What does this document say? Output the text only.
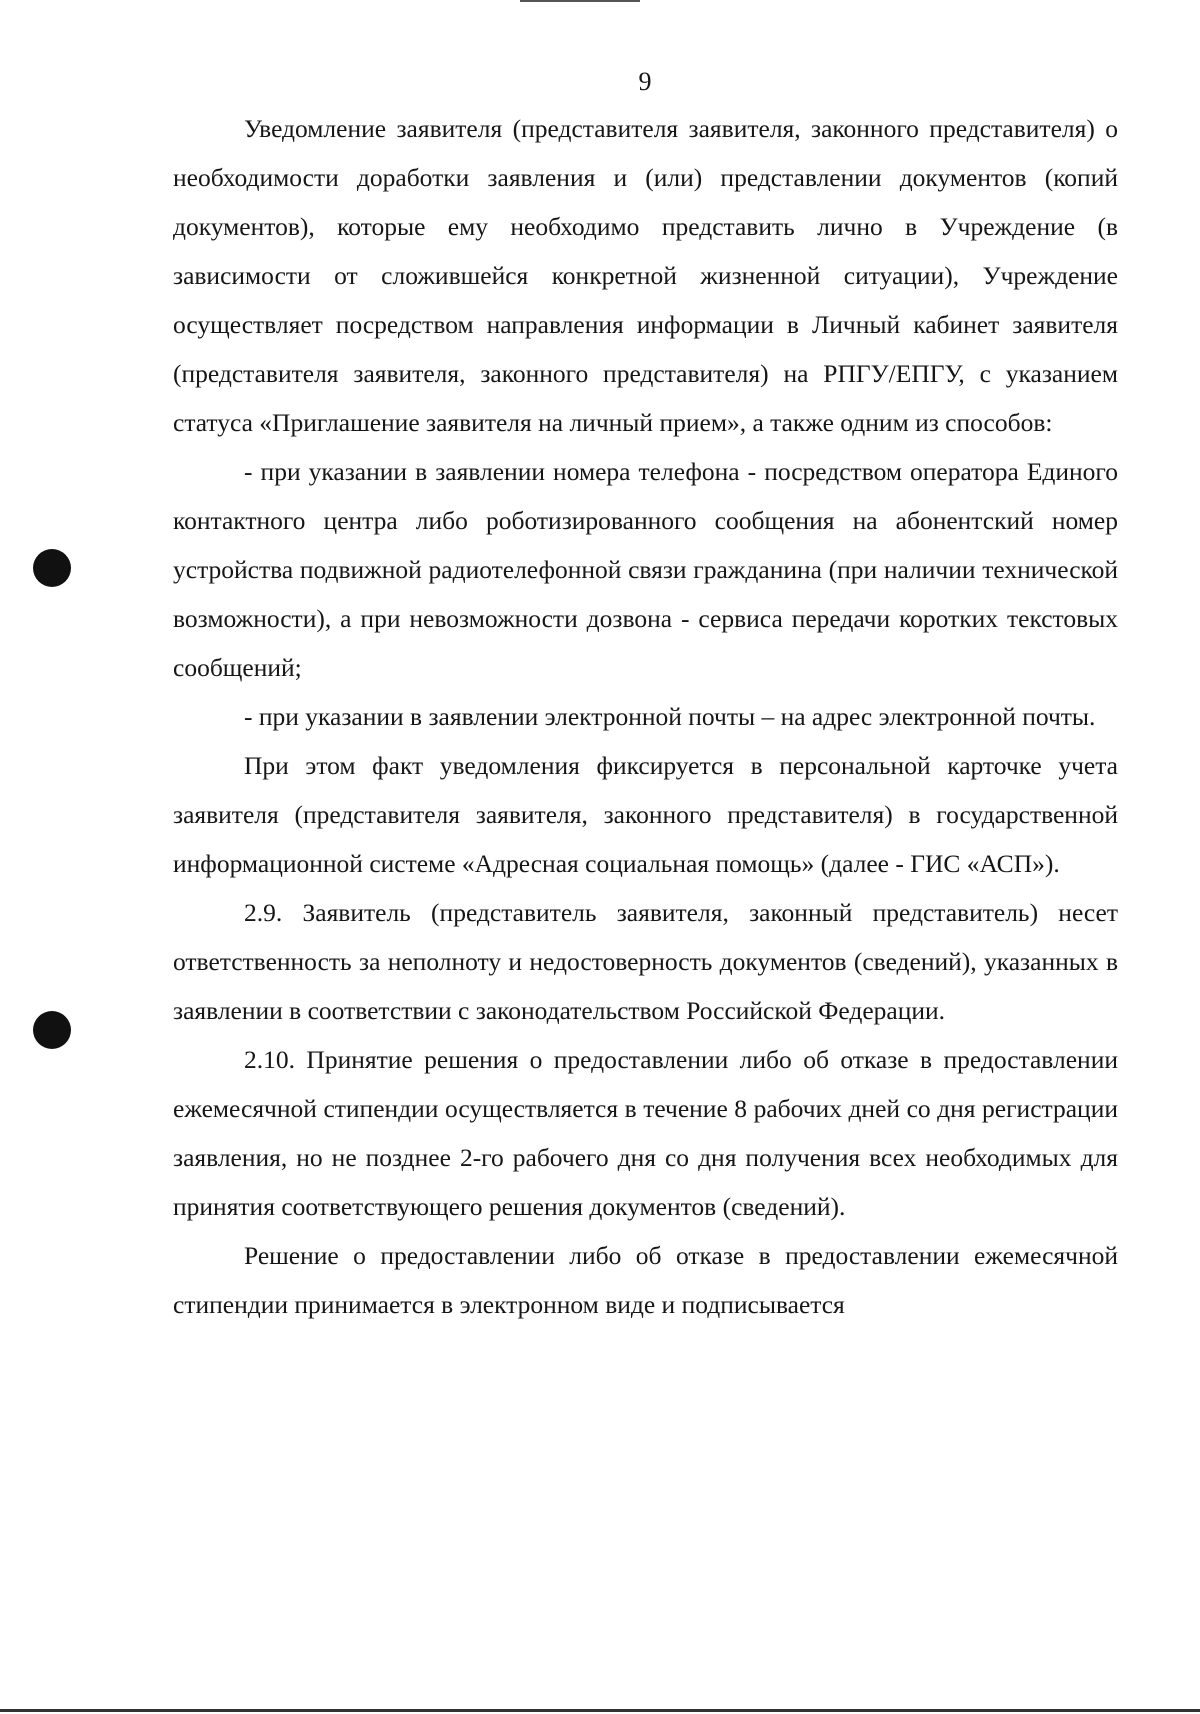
9

Уведомление заявителя (представителя заявителя, законного представителя) о необходимости доработки заявления и (или) представлении документов (копий документов), которые ему необходимо представить лично в Учреждение (в зависимости от сложившейся конкретной жизненной ситуации), Учреждение осуществляет посредством направления информации в Личный кабинет заявителя (представителя заявителя, законного представителя) на РПГУ/ЕПГУ, с указанием статуса «Приглашение заявителя на личный прием», а также одним из способов:

- при указании в заявлении номера телефона - посредством оператора Единого контактного центра либо роботизированного сообщения на абонентский номер устройства подвижной радиотелефонной связи гражданина (при наличии технической возможности), а при невозможности дозвона - сервиса передачи коротких текстовых сообщений;

- при указании в заявлении электронной почты – на адрес электронной почты.

При этом факт уведомления фиксируется в персональной карточке учета заявителя (представителя заявителя, законного представителя) в государственной информационной системе «Адресная социальная помощь» (далее - ГИС «АСП»).

2.9. Заявитель (представитель заявителя, законный представитель) несет ответственность за неполноту и недостоверность документов (сведений), указанных в заявлении в соответствии с законодательством Российской Федерации.

2.10. Принятие решения о предоставлении либо об отказе в предоставлении ежемесячной стипендии осуществляется в течение 8 рабочих дней со дня регистрации заявления, но не позднее 2-го рабочего дня со дня получения всех необходимых для принятия соответствующего решения документов (сведений).

Решение о предоставлении либо об отказе в предоставлении ежемесячной стипендии принимается в электронном виде и подписывается
